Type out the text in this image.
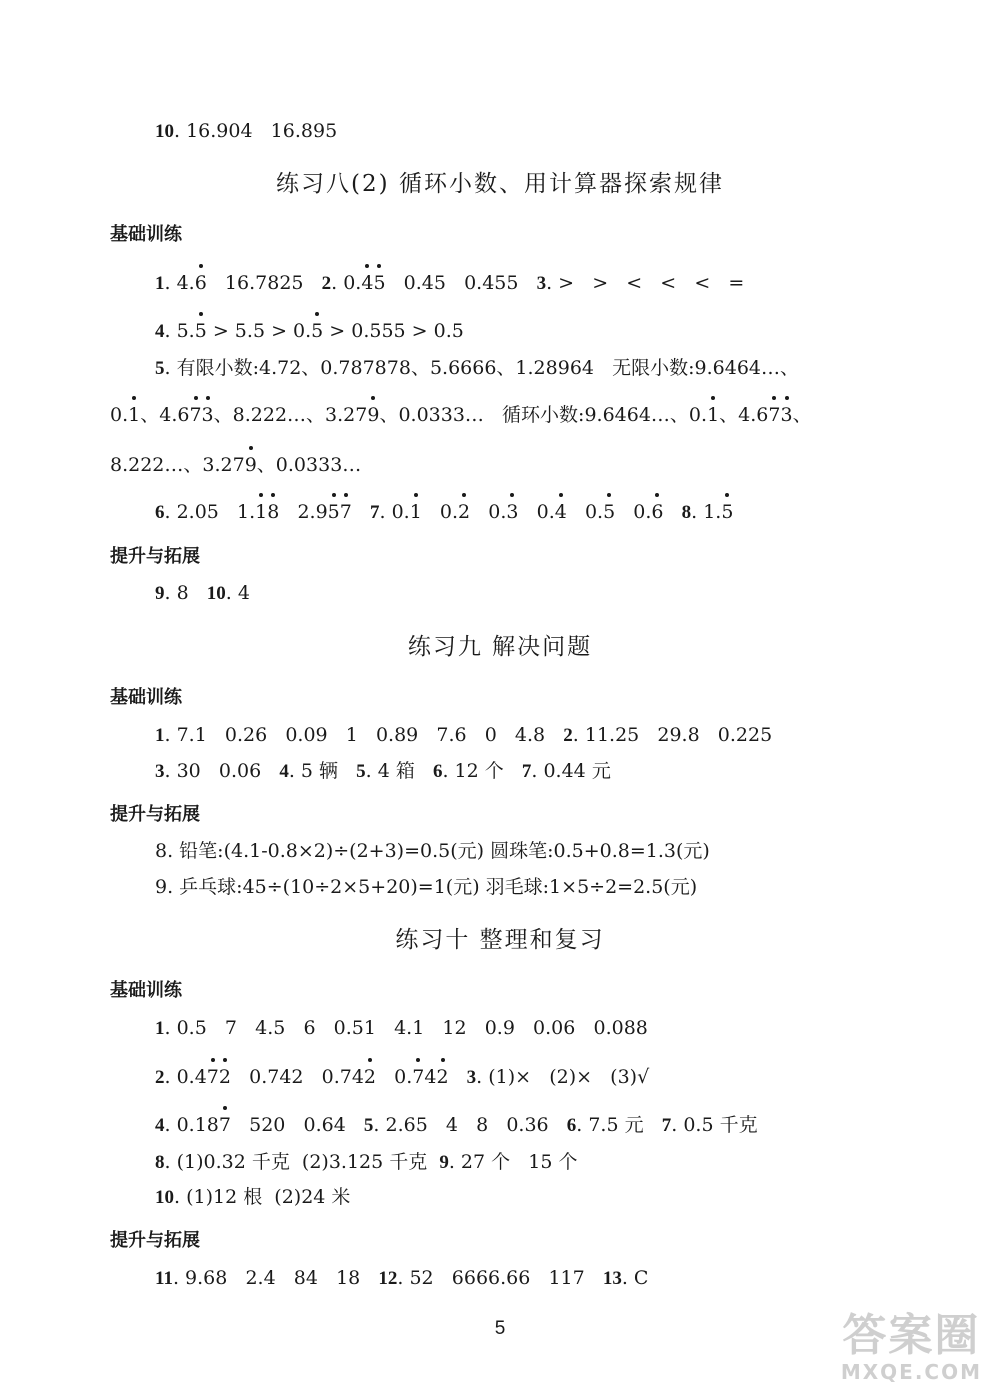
10. 16.904   16.895
练习八(2) 循环小数、用计算器探索规律
基础训练
1. 4.6   16.7825   2. 0.45   0.45   0.455   3. >   >   <   <   <   =
4. 5.5 > 5.5 > 0.5 > 0.555 > 0.5
5. 有限小数:4.72、0.787878、5.6666、1.28964   无限小数:9.6464…、
0.1、4.673、8.222…、3.279、0.0333…   循环小数:9.6464…、0.1、4.673、
8.222…、3.279、0.0333…
6. 2.05   1.18   2.957 7. 0.1   0.2   0.3   0.4   0.5   0.6 8. 1.5
提升与拓展
9. 8   10. 4
练习九 解决问题
基础训练
1. 7.1   0.26   0.09   1   0.89   7.6   0   4.8   2. 11.25   29.8   0.225
3. 30   0.06   4. 5 辆   5. 4 箱   6. 12 个   7. 0.44 元
提升与拓展
8. 铅笔:(4.1-0.8×2)÷(2+3)=0.5(元) 圆珠笔:0.5+0.8=1.3(元)
9. 乒乓球:45÷(10÷2×5+20)=1(元) 羽毛球:1×5÷2=2.5(元)
练习十 整理和复习
基础训练
1. 0.5   7   4.5   6   0.51   4.1   12   0.9   0.06   0.088
2. 0.472   0.742   0.742   0.742 3. (1)×   (2)×   (3)√
4. 0.187   520   0.64   5. 2.65   4   8   0.36   6. 7.5 元   7. 0.5 千克
8. (1)0.32 千克  (2)3.125 千克  9. 27 个   15 个
10. (1)12 根  (2)24 米
提升与拓展
11. 9.68   2.4   84   18   12. 52   6666.66   117   13. C
5	答案圈
MXQE.COM
